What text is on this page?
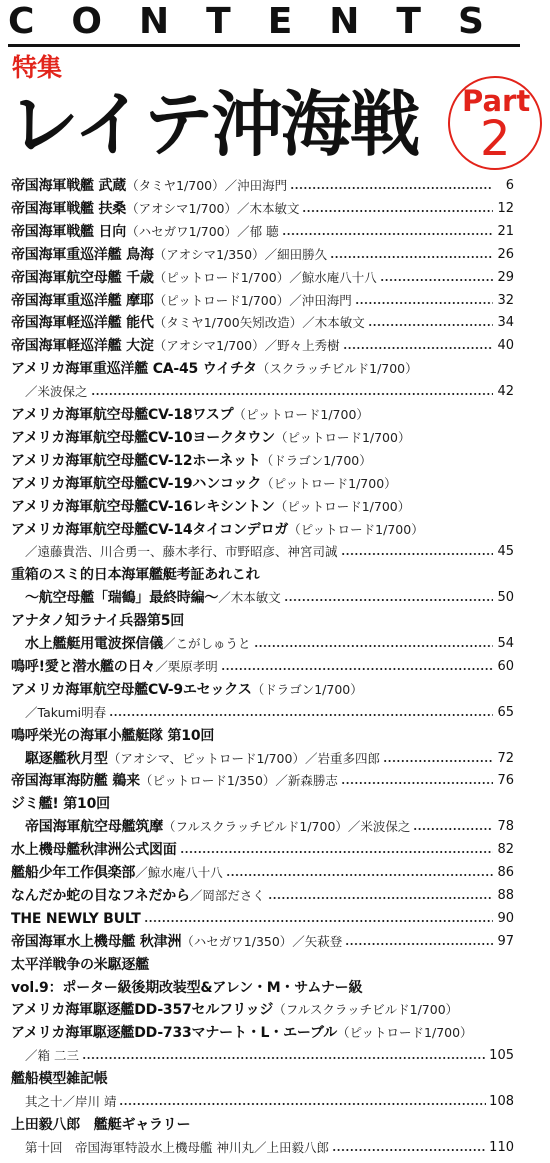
CONTENTS
特集
レイテ沖海戦 Part
2
帝国海軍戦艦 武蔵 （タミヤ1/700）／沖田海門	6
帝国海軍戦艦 扶桑 （アオシマ1/700）／木本敏文	12
帝国海軍戦艦 日向 （ハセガワ1/700）／郁 聴	21
帝国海軍重巡洋艦 鳥海 （アオシマ1/350）／細田勝久	26
帝国海軍航空母艦 千歳 （ピットロード1/700）／鯨水庵八十八	29
帝国海軍重巡洋艦 摩耶 （ピットロード1/700）／沖田海門	32
帝国海軍軽巡洋艦 能代 （タミヤ1/700矢矧改造）／木本敏文	34
帝国海軍軽巡洋艦 大淀 （アオシマ1/700）／野々上秀樹	40
アメリカ海軍重巡洋艦 CA-45 ウイチタ （スクラッチビルド1/700）
／米波保之	42
アメリカ海軍航空母艦CV-18ワスプ （ピットロード1/700）
アメリカ海軍航空母艦CV-10ヨークタウン （ピットロード1/700）
アメリカ海軍航空母艦CV-12ホーネット （ドラゴン1/700）
アメリカ海軍航空母艦CV-19ハンコック （ピットロード1/700）
アメリカ海軍航空母艦CV-16レキシントン （ピットロード1/700）
アメリカ海軍航空母艦CV-14タイコンデロガ （ピットロード1/700）
／遠藤貴浩、川合勇一、藤木孝行、市野昭彦、神宮司誠	45
重箱のスミ的日本海軍艦艇考証あれこれ
〜航空母艦「瑞鶴」最終時編〜 ／木本敏文	50
アナタノ知ラナイ兵器第5回
水上艦艇用電波探信儀 ／こがしゅうと	54
鳴呼!愛と潜水艦の日々 ／栗原孝明	60
アメリカ海軍航空母艦CV-9エセックス （ドラゴン1/700）
／Takumi明春	65
鳴呼栄光の海軍小艦艇隊 第10回
駆逐艦秋月型 （アオシマ、ピットロード1/700）／岩重多四郎	72
帝国海軍海防艦 鵜来 （ピットロード1/350）／新森勝志	76
ジミ艦! 第10回
帝国海軍航空母艦筑摩 （フルスクラッチビルド1/700）／米波保之	78
水上機母艦秋津洲公式図面	82
艦船少年工作倶楽部 ／鯨水庵八十八	86
なんだか蛇の目なフネだから ／岡部ださく	88
THE NEWLY BULT	90
帝国海軍水上機母艦 秋津洲 （ハセガワ1/350）／矢萩登	97
太平洋戦争の米駆逐艦
vol.9：ポーター級後期改装型&アレン・M・サムナー級
アメリカ海軍駆逐艦DD-357セルフリッジ （フルスクラッチビルド1/700）
アメリカ海軍駆逐艦DD-733マナート・L・エーブル （ピットロード1/700）
／箱 二三	105
艦船模型雑記帳
其之十／岸川 靖	108
上田毅八郎　艦艇ギャラリー
第十回　帝国海軍特設水上機母艦 神川丸／上田毅八郎	110
